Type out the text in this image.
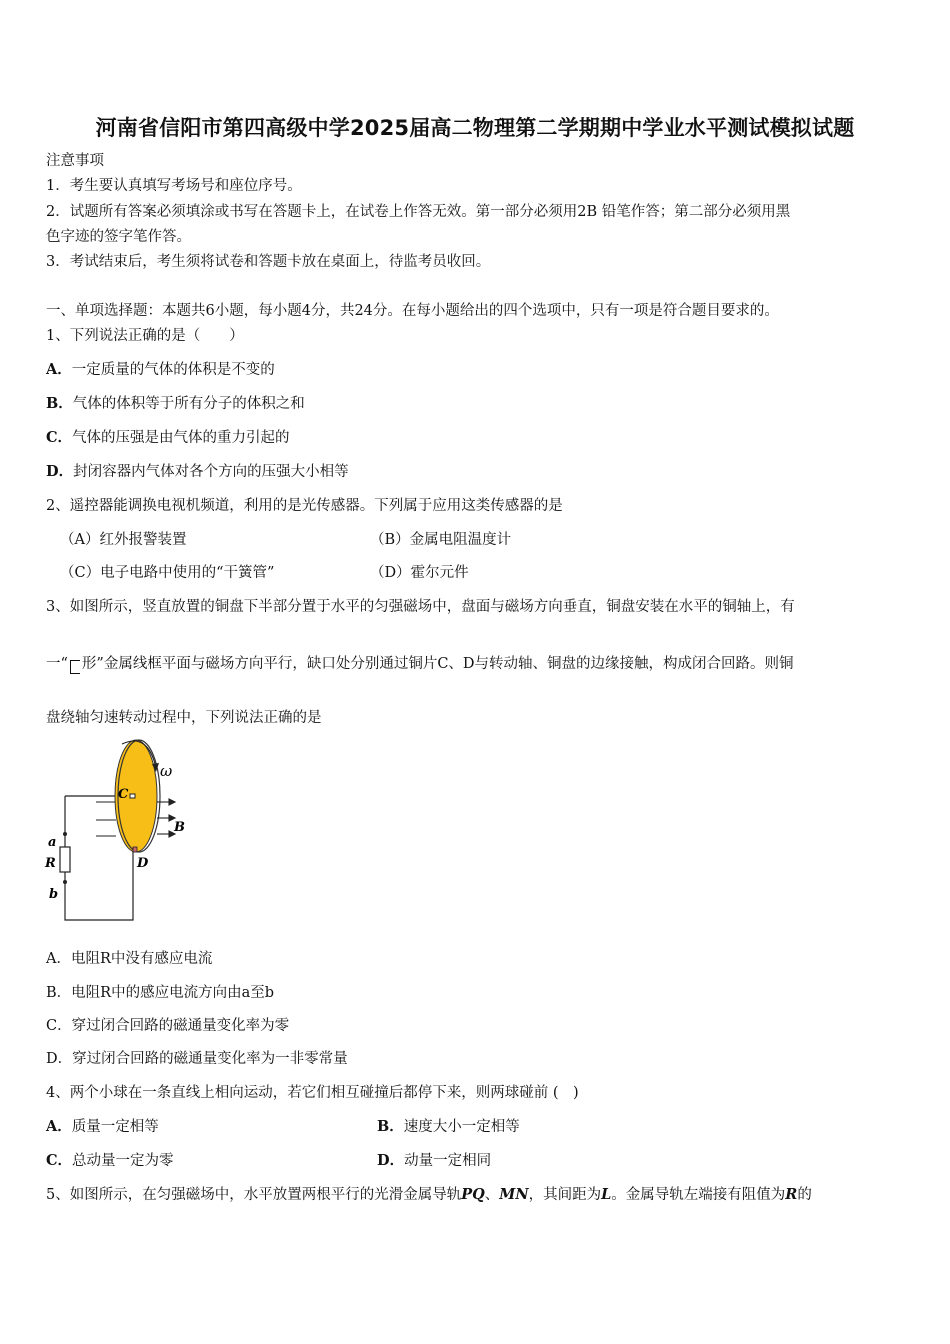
河南省信阳市第四高级中学2025届高二物理第二学期期中学业水平测试模拟试题
注意事项
1．考生要认真填写考场号和座位序号。
2．试题所有答案必须填涂或书写在答题卡上，在试卷上作答无效。第一部分必须用2B 铅笔作答；第二部分必须用黑
色字迹的签字笔作答。
3．考试结束后，考生须将试卷和答题卡放在桌面上，待监考员收回。
一、单项选择题：本题共6小题，每小题4分，共24分。在每小题给出的四个选项中，只有一项是符合题目要求的。
1、下列说法正确的是（　　）
A．一定质量的气体的体积是不变的
B．气体的体积等于所有分子的体积之和
C．气体的压强是由气体的重力引起的
D．封闭容器内气体对各个方向的压强大小相等
2、遥控器能调换电视机频道，利用的是光传感器。下列属于应用这类传感器的是
（A）红外报警装置	（B）金属电阻温度计
（C）电子电路中使用的“干簧管”	（D）霍尔元件
3、如图所示，竖直放置的铜盘下半部分置于水平的匀强磁场中，盘面与磁场方向垂直，铜盘安装在水平的铜轴上，有
一“ 形”金属线框平面与磁场方向平行，缺口处分别通过铜片C、D与转动轴、铜盘的边缘接触，构成闭合回路。则铜
盘绕轴匀速转动过程中，下列说法正确的是
ω
C
B
a
R
b
D
A．电阻R中没有感应电流
B．电阻R中的感应电流方向由a至b
C．穿过闭合回路的磁通量变化率为零
D．穿过闭合回路的磁通量变化率为一非零常量
4、两个小球在一条直线上相向运动，若它们相互碰撞后都停下来，则两球碰前 (　)
A．质量一定相等	B．速度大小一定相等
C．总动量一定为零	D．动量一定相同
5、如图所示，在匀强磁场中，水平放置两根平行的光滑金属导轨PQ、MN，其间距为L。金属导轨左端接有阻值为R的
